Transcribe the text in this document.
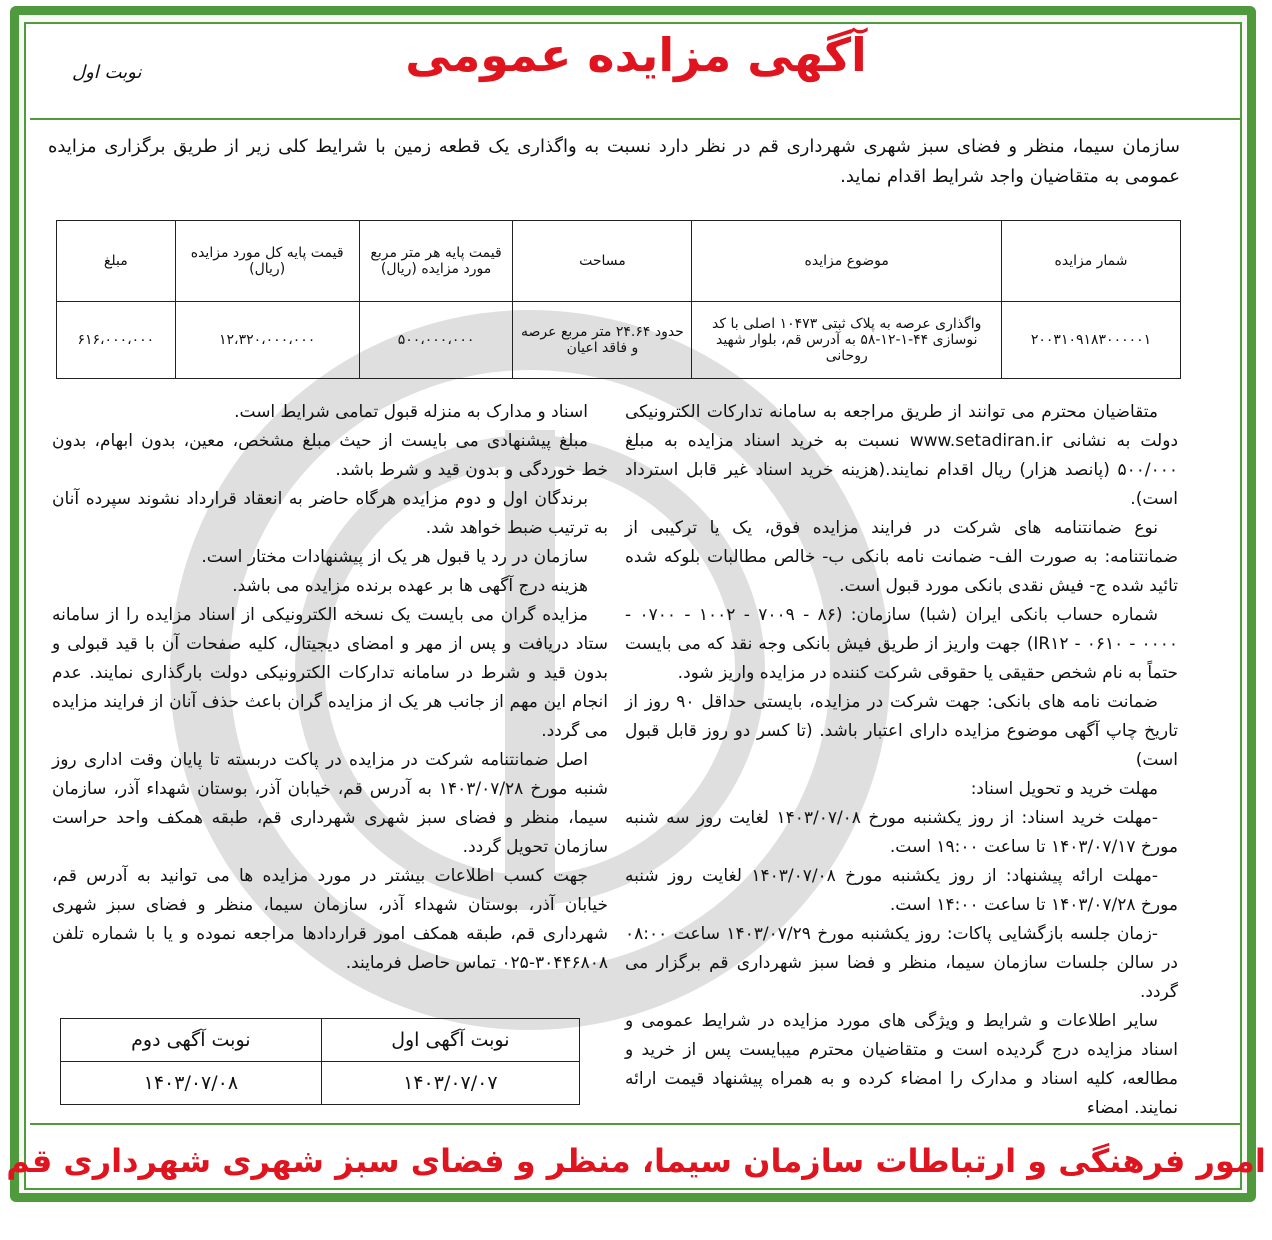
آگهی مزایده عمومی
نوبت اول
سازمان سیما، منظر و فضای سبز شهری شهرداری قم در نظر دارد نسبت به واگذاری یک قطعه زمین با شرایط کلی زیر از طریق برگزاری مزایده عمومی به متقاضیان واجد شرایط اقدام نماید.
شمار مزایده	موضوع مزایده	مساحت	قیمت پایه هر متر مربع مورد مزایده (ریال)	قیمت پایه کل مورد مزایده (ریال)	مبلغ
۲۰۰۳۱۰۹۱۸۳۰۰۰۰۰۱	واگذاری عرصه به پلاک ثبتی ۱۰۴۷۳ اصلی با کد نوسازی ۴۴-۱-۱۲-۵۸ به آدرس قم، بلوار شهید روحانی	حدود ۲۴.۶۴ متر مربع عرصه و فاقد اعیان	۵۰۰،۰۰۰،۰۰۰	۱۲،۳۲۰،۰۰۰،۰۰۰	۶۱۶،۰۰۰،۰۰۰

متقاضیان محترم می توانند از طریق مراجعه به سامانه تدارکات الکترونیکی دولت به نشانی www.setadiran.ir نسبت به خرید اسناد مزایده به مبلغ ۵۰۰/۰۰۰ (پانصد هزار) ریال اقدام نمایند.(هزینه خرید اسناد غیر قابل استرداد است).

نوع ضمانتنامه های شرکت در فرایند مزایده فوق، یک یا ترکیبی از ضمانتنامه: به صورت الف- ضمانت نامه بانکی ب- خالص مطالبات بلوکه شده تائید شده ج- فیش نقدی بانکی مورد قبول است.

شماره حساب بانکی ایران (شبا) سازمان: (۸۶ - ۷۰۰۹ - ۱۰۰۲ - ۰۷۰۰ - ۰۰۰۰ - ۰۶۱۰ - IR۱۲) جهت واریز از طریق فیش بانکی وجه نقد که می بایست حتماً به نام شخص حقیقی یا حقوقی شرکت کننده در مزایده واریز شود.

ضمانت نامه های بانکی: جهت شرکت در مزایده، بایستی حداقل ۹۰ روز از تاریخ چاپ آگهی موضوع مزایده دارای اعتبار باشد. (تا کسر دو روز قابل قبول است)

مهلت خرید و تحویل اسناد:

-مهلت خرید اسناد: از روز یکشنبه مورخ ۱۴۰۳/۰۷/۰۸ لغایت روز سه شنبه مورخ ۱۴۰۳/۰۷/۱۷ تا ساعت ۱۹:۰۰ است.

-مهلت ارائه پیشنهاد: از روز یکشنبه مورخ ۱۴۰۳/۰۷/۰۸ لغایت روز شنبه مورخ ۱۴۰۳/۰۷/۲۸ تا ساعت ۱۴:۰۰ است.

-زمان جلسه بازگشایی پاکات: روز یکشنبه مورخ ۱۴۰۳/۰۷/۲۹ ساعت ۰۸:۰۰ در سالن جلسات سازمان سیما، منظر و فضا سبز شهرداری قم برگزار می گردد.

سایر اطلاعات و شرایط و ویژگی های مورد مزایده در شرایط عمومی و اسناد مزایده درج گردیده است و متقاضیان محترم میبایست پس از خرید و مطالعه، کلیه اسناد و مدارک را امضاء کرده و به همراه پیشنهاد قیمت ارائه نمایند. امضاء

اسناد و مدارک به منزله قبول تمامی شرایط است.

مبلغ پیشنهادی می بایست از حیث مبلغ مشخص، معین، بدون ابهام، بدون خط خوردگی و بدون قید و شرط باشد.

برندگان اول و دوم مزایده هرگاه حاضر به انعقاد قرارداد نشوند سپرده آنان به ترتیب ضبط خواهد شد.

سازمان در رد یا قبول هر یک از پیشنهادات مختار است.

هزینه درج آگهی ها بر عهده برنده مزایده می باشد.

مزایده گران می بایست یک نسخه الکترونیکی از اسناد مزایده را از سامانه ستاد دریافت و پس از مهر و امضای دیجیتال، کلیه صفحات آن با قید قبولی و بدون قید و شرط در سامانه تدارکات الکترونیکی دولت بارگذاری نمایند. عدم انجام این مهم از جانب هر یک از مزایده گران باعث حذف آنان از فرایند مزایده می گردد.

اصل ضمانتنامه شرکت در مزایده در پاکت دربسته تا پایان وقت اداری روز شنبه مورخ ۱۴۰۳/۰۷/۲۸ به آدرس قم، خیابان آذر، بوستان شهداء آذر، سازمان سیما، منظر و فضای سبز شهری شهرداری قم، طبقه همکف واحد حراست سازمان تحویل گردد.

جهت کسب اطلاعات بیشتر در مورد مزایده ها می توانید به آدرس قم، خیابان آذر، بوستان شهداء آذر، سازمان سیما، منظر و فضای سبز شهری شهرداری قم، طبقه همکف امور قراردادها مراجعه نموده و یا با شماره تلفن ۳۰۴۴۶۸۰۸-۰۲۵ تماس حاصل فرمایند.

نوبت آگهی اول	نوبت آگهی دوم
۱۴۰۳/۰۷/۰۷	۱۴۰۳/۰۷/۰۸
امور فرهنگی و ارتباطات سازمان سیما، منظر و فضای سبز شهری شهرداری قم
